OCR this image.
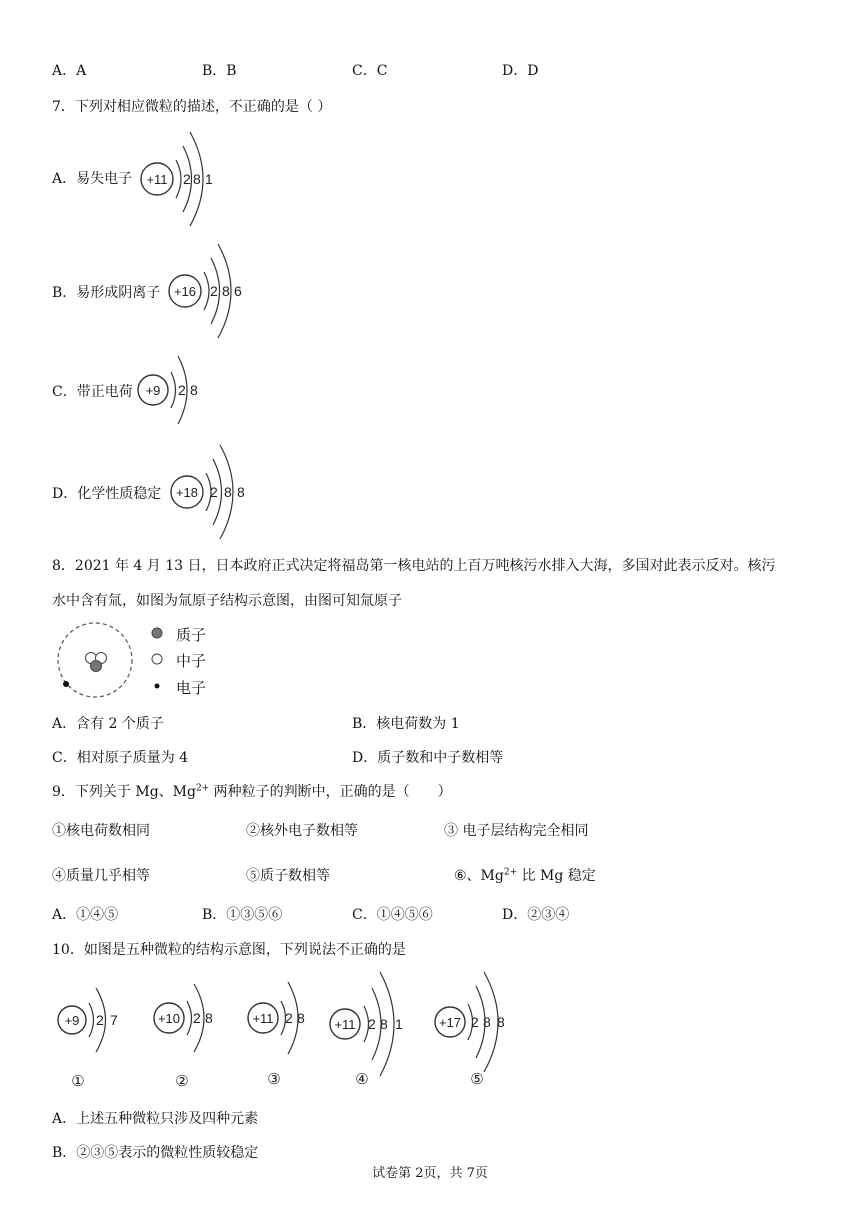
A．A	B．B	C．C	D．D
7．下列对相应微粒的描述，不正确的是（ ）
A．易失电子 +11 2 8 1
B．易形成阴离子 +16 2 8 6
C．带正电荷 +9 2 8
D．化学性质稳定 +18 2 8 8
8．2021 年 4 月 13 日，日本政府正式决定将福岛第一核电站的上百万吨核污水排入大海，多国对此表示反对。核污
水中含有氚，如图为氚原子结构示意图，由图可知氚原子
质子
中子
电子
A．含有 2 个质子	B．核电荷数为 1
C．相对原子质量为 4	D．质子数和中子数相等
9．下列关于 Mg、$Mg^{2+}$ 两种粒子的判断中，正确的是（　　）
①核电荷数相同	②核外电子数相等	③ 电子层结构完全相同
④质量几乎相等	⑤质子数相等	⑥、$Mg^{2+}$ 比 Mg 稳定
A．①④⑤	B．①③⑤⑥	C．①④⑤⑥	D．②③④
10．如图是五种微粒的结构示意图，下列说法不正确的是
+9 2 7
①
+10 2 8
②
+11 2 8
③
+11 2 8 1
④
+17 2 8 8
⑤
A．上述五种微粒只涉及四种元素
B．②③⑤表示的微粒性质较稳定
试卷第 2页，共 7页
